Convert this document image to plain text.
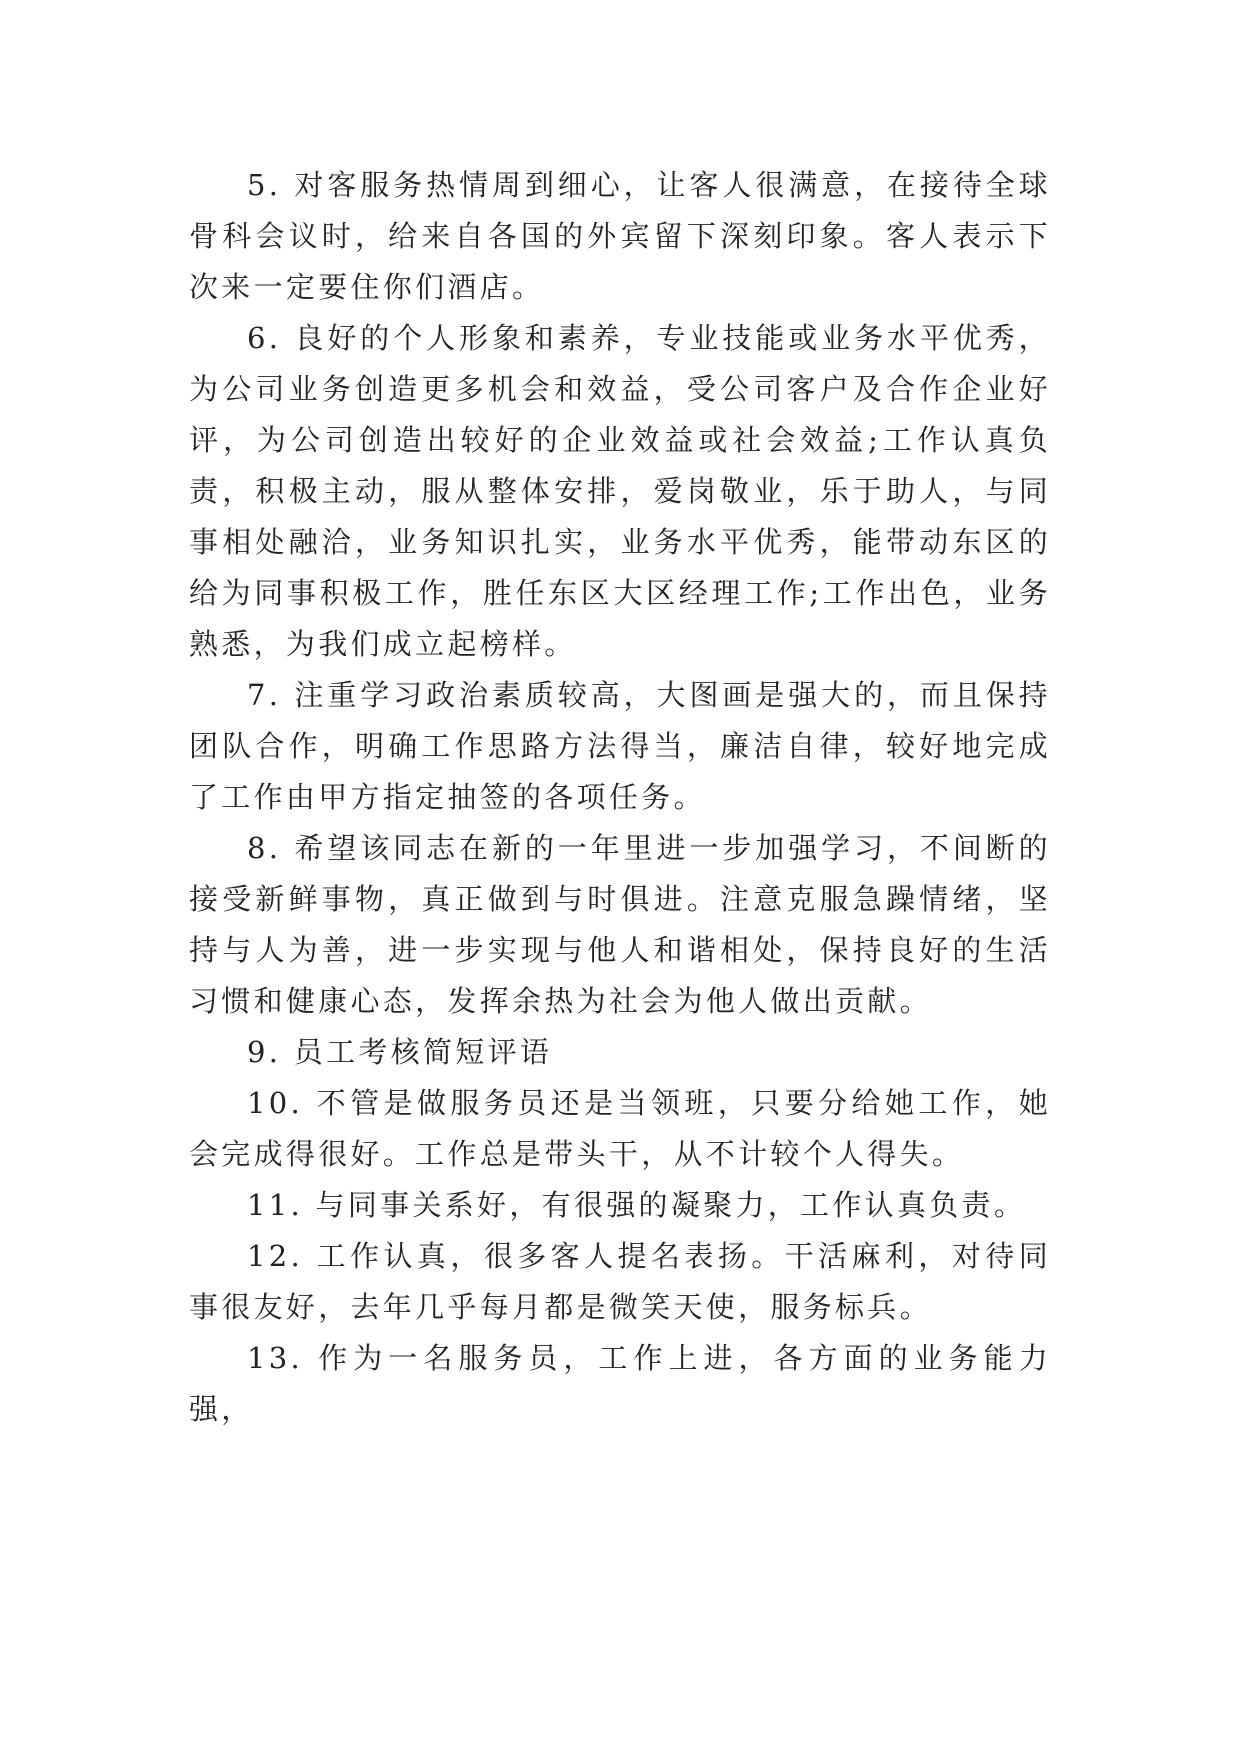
5. 对客服务热情周到细心，让客人很满意，在接待全球骨科会议时，给来自各国的外宾留下深刻印象。客人表示下次来一定要住你们酒店。

6. 良好的个人形象和素养，专业技能或业务水平优秀，为公司业务创造更多机会和效益，受公司客户及合作企业好评，为公司创造出较好的企业效益或社会效益;工作认真负责，积极主动，服从整体安排，爱岗敬业，乐于助人，与同事相处融洽，业务知识扎实，业务水平优秀，能带动东区的给为同事积极工作，胜任东区大区经理工作;工作出色，业务熟悉，为我们成立起榜样。

7. 注重学习政治素质较高，大图画是强大的，而且保持团队合作，明确工作思路方法得当，廉洁自律，较好地完成了工作由甲方指定抽签的各项任务。

8. 希望该同志在新的一年里进一步加强学习，不间断的接受新鲜事物，真正做到与时俱进。注意克服急躁情绪，坚持与人为善，进一步实现与他人和谐相处，保持良好的生活习惯和健康心态，发挥余热为社会为他人做出贡献。

9. 员工考核简短评语

10. 不管是做服务员还是当领班，只要分给她工作，她会完成得很好。工作总是带头干，从不计较个人得失。

11. 与同事关系好，有很强的凝聚力，工作认真负责。

12. 工作认真，很多客人提名表扬。干活麻利，对待同事很友好，去年几乎每月都是微笑天使，服务标兵。

13. 作为一名服务员，工作上进，各方面的业务能力强，
